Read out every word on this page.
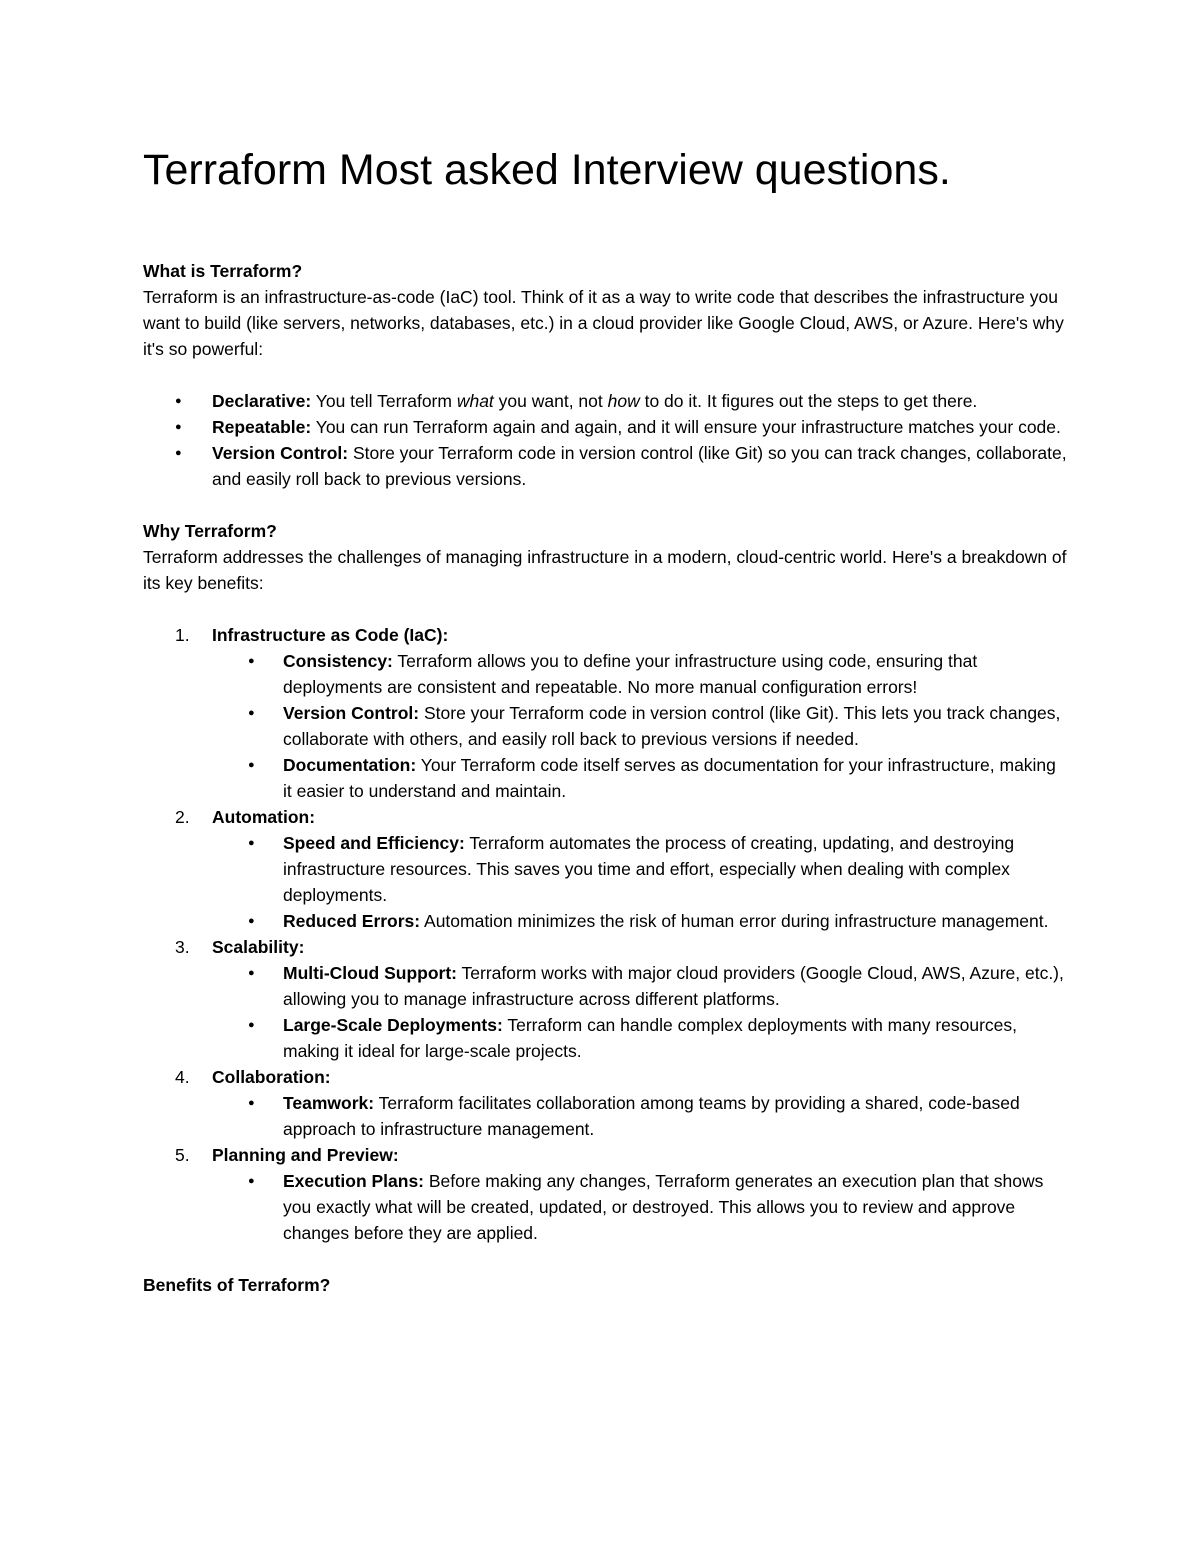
Terraform Most asked Interview questions.

What is Terraform?

Terraform is an infrastructure-as-code (IaC) tool. Think of it as a way to write code that describes the infrastructure you want to build (like servers, networks, databases, etc.) in a cloud provider like Google Cloud, AWS, or Azure. Here's why it's so powerful:

● Declarative: You tell Terraform what you want, not how to do it. It figures out the steps to get there.
● Repeatable: You can run Terraform again and again, and it will ensure your infrastructure matches your code.
● Version Control: Store your Terraform code in version control (like Git) so you can track changes, collaborate, and easily roll back to previous versions.

Why Terraform?

Terraform addresses the challenges of managing infrastructure in a modern, cloud-centric world. Here's a breakdown of its key benefits:

1. Infrastructure as Code (IaC):
● Consistency: Terraform allows you to define your infrastructure using code, ensuring that deployments are consistent and repeatable. No more manual configuration errors!
● Version Control: Store your Terraform code in version control (like Git). This lets you track changes, collaborate with others, and easily roll back to previous versions if needed.
● Documentation: Your Terraform code itself serves as documentation for your infrastructure, making it easier to understand and maintain.
2. Automation:
● Speed and Efficiency: Terraform automates the process of creating, updating, and destroying infrastructure resources. This saves you time and effort, especially when dealing with complex deployments.
● Reduced Errors: Automation minimizes the risk of human error during infrastructure management.
3. Scalability:
● Multi-Cloud Support: Terraform works with major cloud providers (Google Cloud, AWS, Azure, etc.), allowing you to manage infrastructure across different platforms.
● Large-Scale Deployments: Terraform can handle complex deployments with many resources, making it ideal for large-scale projects.
4. Collaboration:
● Teamwork: Terraform facilitates collaboration among teams by providing a shared, code-based approach to infrastructure management.
5. Planning and Preview:
● Execution Plans: Before making any changes, Terraform generates an execution plan that shows you exactly what will be created, updated, or destroyed. This allows you to review and approve changes before they are applied.

Benefits of Terraform?
